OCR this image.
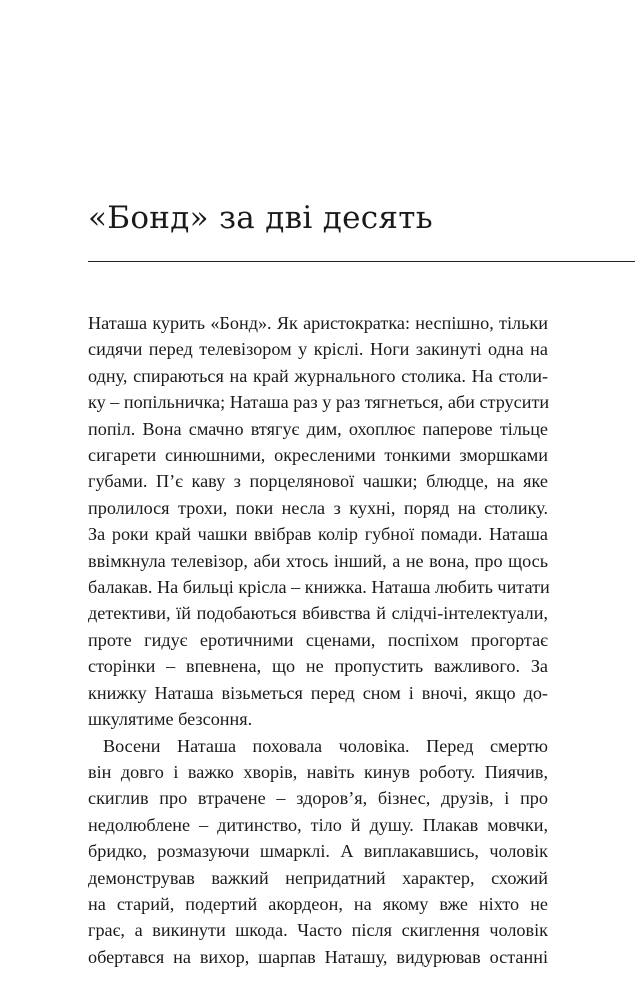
«Бонд» за дві десять
Наташа курить «Бонд». Як аристократка: неспішно, тільки
сидячи перед телевізором у кріслі. Ноги закинуті одна на
одну, спираються на край журнального столика. На столи-
ку – попільничка; Наташа раз у раз тягнеться, аби струсити
попіл. Вона смачно втягує дим, охоплює паперове тільце
сигарети синюшними, окресленими тонкими зморшками
губами. П’є каву з порцелянової чашки; блюдце, на яке
пролилося трохи, поки несла з кухні, поряд на столику.
За роки край чашки ввібрав колір губної помади. Наташа
ввімкнула телевізор, аби хтось інший, а не вона, про щось
балакав. На бильці крісла – книжка. Наташа любить читати
детективи, їй подобаються вбивства й слідчі-інтелектуали,
проте гидує еротичними сценами, поспіхом прогортає
сторінки – впевнена, що не пропустить важливого. За
книжку Наташа візьметься перед сном і вночі, якщо до-
шкулятиме безсоння.
Восени Наташа поховала чоловіка. Перед смертю
він довго і важко хворів, навіть кинув роботу. Пиячив,
скиглив про втрачене – здоров’я, бізнес, друзів, і про
недолюблене – дитинство, тіло й душу. Плакав мовчки,
бридко, розмазуючи шмарклі. А виплакавшись, чоловік
демонстрував важкий непридатний характер, схожий
на старий, подертий акордеон, на якому вже ніхто не
грає, а викинути шкода. Часто після скиглення чоловік
обертався на вихор, шарпав Наташу, видурював останні
